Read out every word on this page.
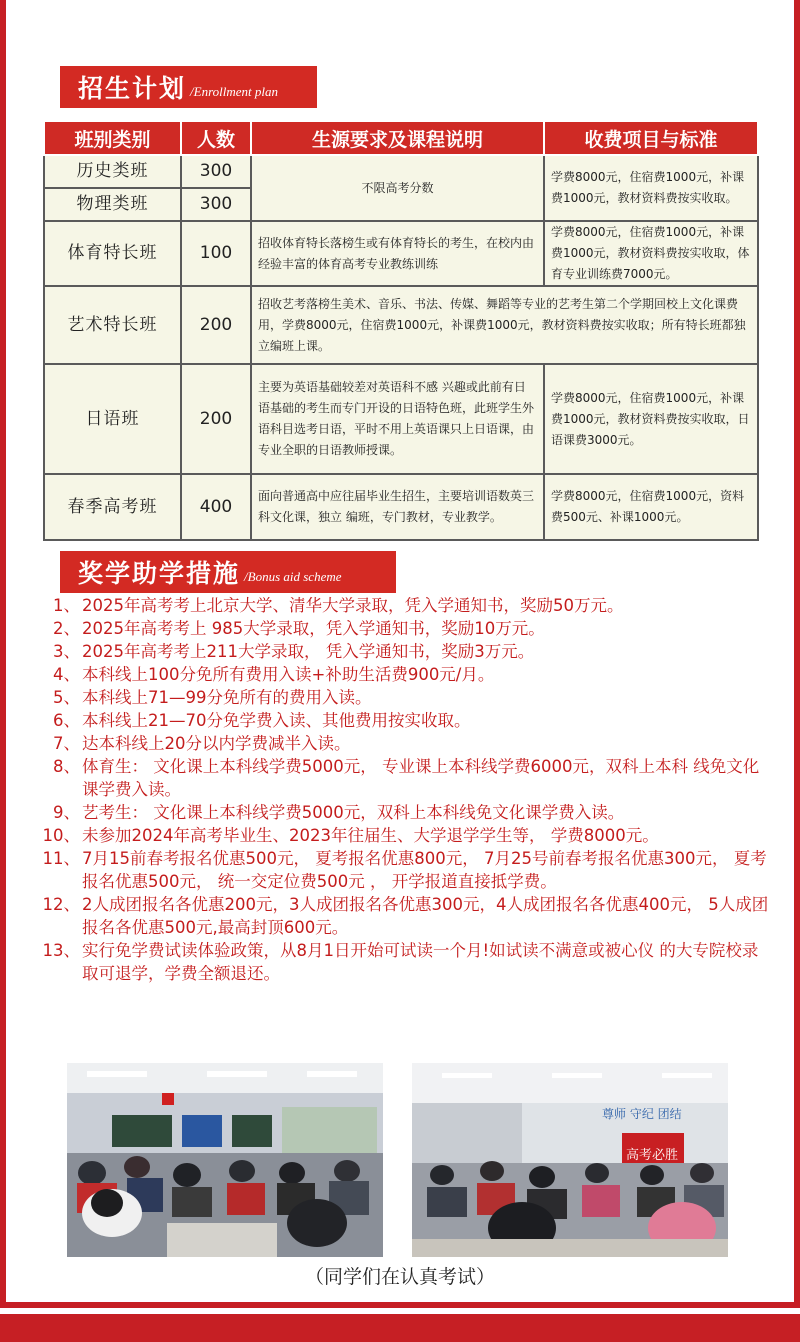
招生计划 /Enrollment plan
班别类别	人数	生源要求及课程说明	收费项目与标准
历史类班	300	不限高考分数	学费8000元，住宿费1000元，补课费1000元，教材资料费按实收取。
物理类班	300		
体育特长班	100	招收体育特长落榜生或有体育特长的考生，在校内由经验丰富的体育高考专业教练训练	学费8000元，住宿费1000元，补课费1000元，教材资料费按实收取，体育专业训练费7000元。
艺术特长班	200	招收艺考落榜生美术、音乐、书法、传媒、舞蹈等专业的艺考生第二个学期回校上文化课费用，学费8000元，住宿费1000元，补课费1000元，教材资料费按实收取；所有特长班都独立编班上课。	
日语班	200	主要为英语基础较差对英语科不感 兴趣或此前有日语基础的考生而专门开设的日语特色班，此班学生外 语科目选考日语，平时不用上英语课只上日语课，由专业全职的日语教师授课。	学费8000元，住宿费1000元，补课费1000元，教材资料费按实收取，日语课费3000元。
春季高考班	400	面向普通高中应往届毕业生招生，主要培训语数英三科文化课，独立 编班，专门教材，专业教学。	学费8000元，住宿费1000元，资料费500元、补课1000元。
奖学助学措施 /Bonus aid scheme
1、 2025年高考考上北京大学、清华大学录取，凭入学通知书，奖励50万元。
2、 2025年高考考上 985大学录取，凭入学通知书，奖励10万元。
3、 2025年高考考上211大学录取， 凭入学通知书，奖励3万元。
4、 本科线上100分免所有费用入读+补助生活费900元/月。
5、 本科线上71—99分免所有的费用入读。
6、 本科线上21—70分免学费入读、其他费用按实收取。
7、 达本科线上20分以内学费减半入读。
8、 体育生： 文化课上本科线学费5000元， 专业课上本科线学费6000元，双科上本科 线免文化课学费入读。
9、 艺考生： 文化课上本科线学费5000元，双科上本科线免文化课学费入读。
10、 未参加2024年高考毕业生、2023年往届生、大学退学学生等， 学费8000元。
11、 7月15前春考报名优惠500元， 夏考报名优惠800元， 7月25号前春考报名优惠300元， 夏考报名优惠500元， 统一交定位费500元 ， 开学报道直接抵学费。
12、 2人成团报名各优惠200元，3人成团报名各优惠300元，4人成团报名各优惠400元， 5人成团报名各优惠500元,最高封顶600元。
13、 实行免学费试读体验政策，从8月1日开始可试读一个月!如试读不满意或被心仪 的大专院校录取可退学，学费全额退还。
尊师 守纪 团结
高考必胜
（同学们在认真考试）
